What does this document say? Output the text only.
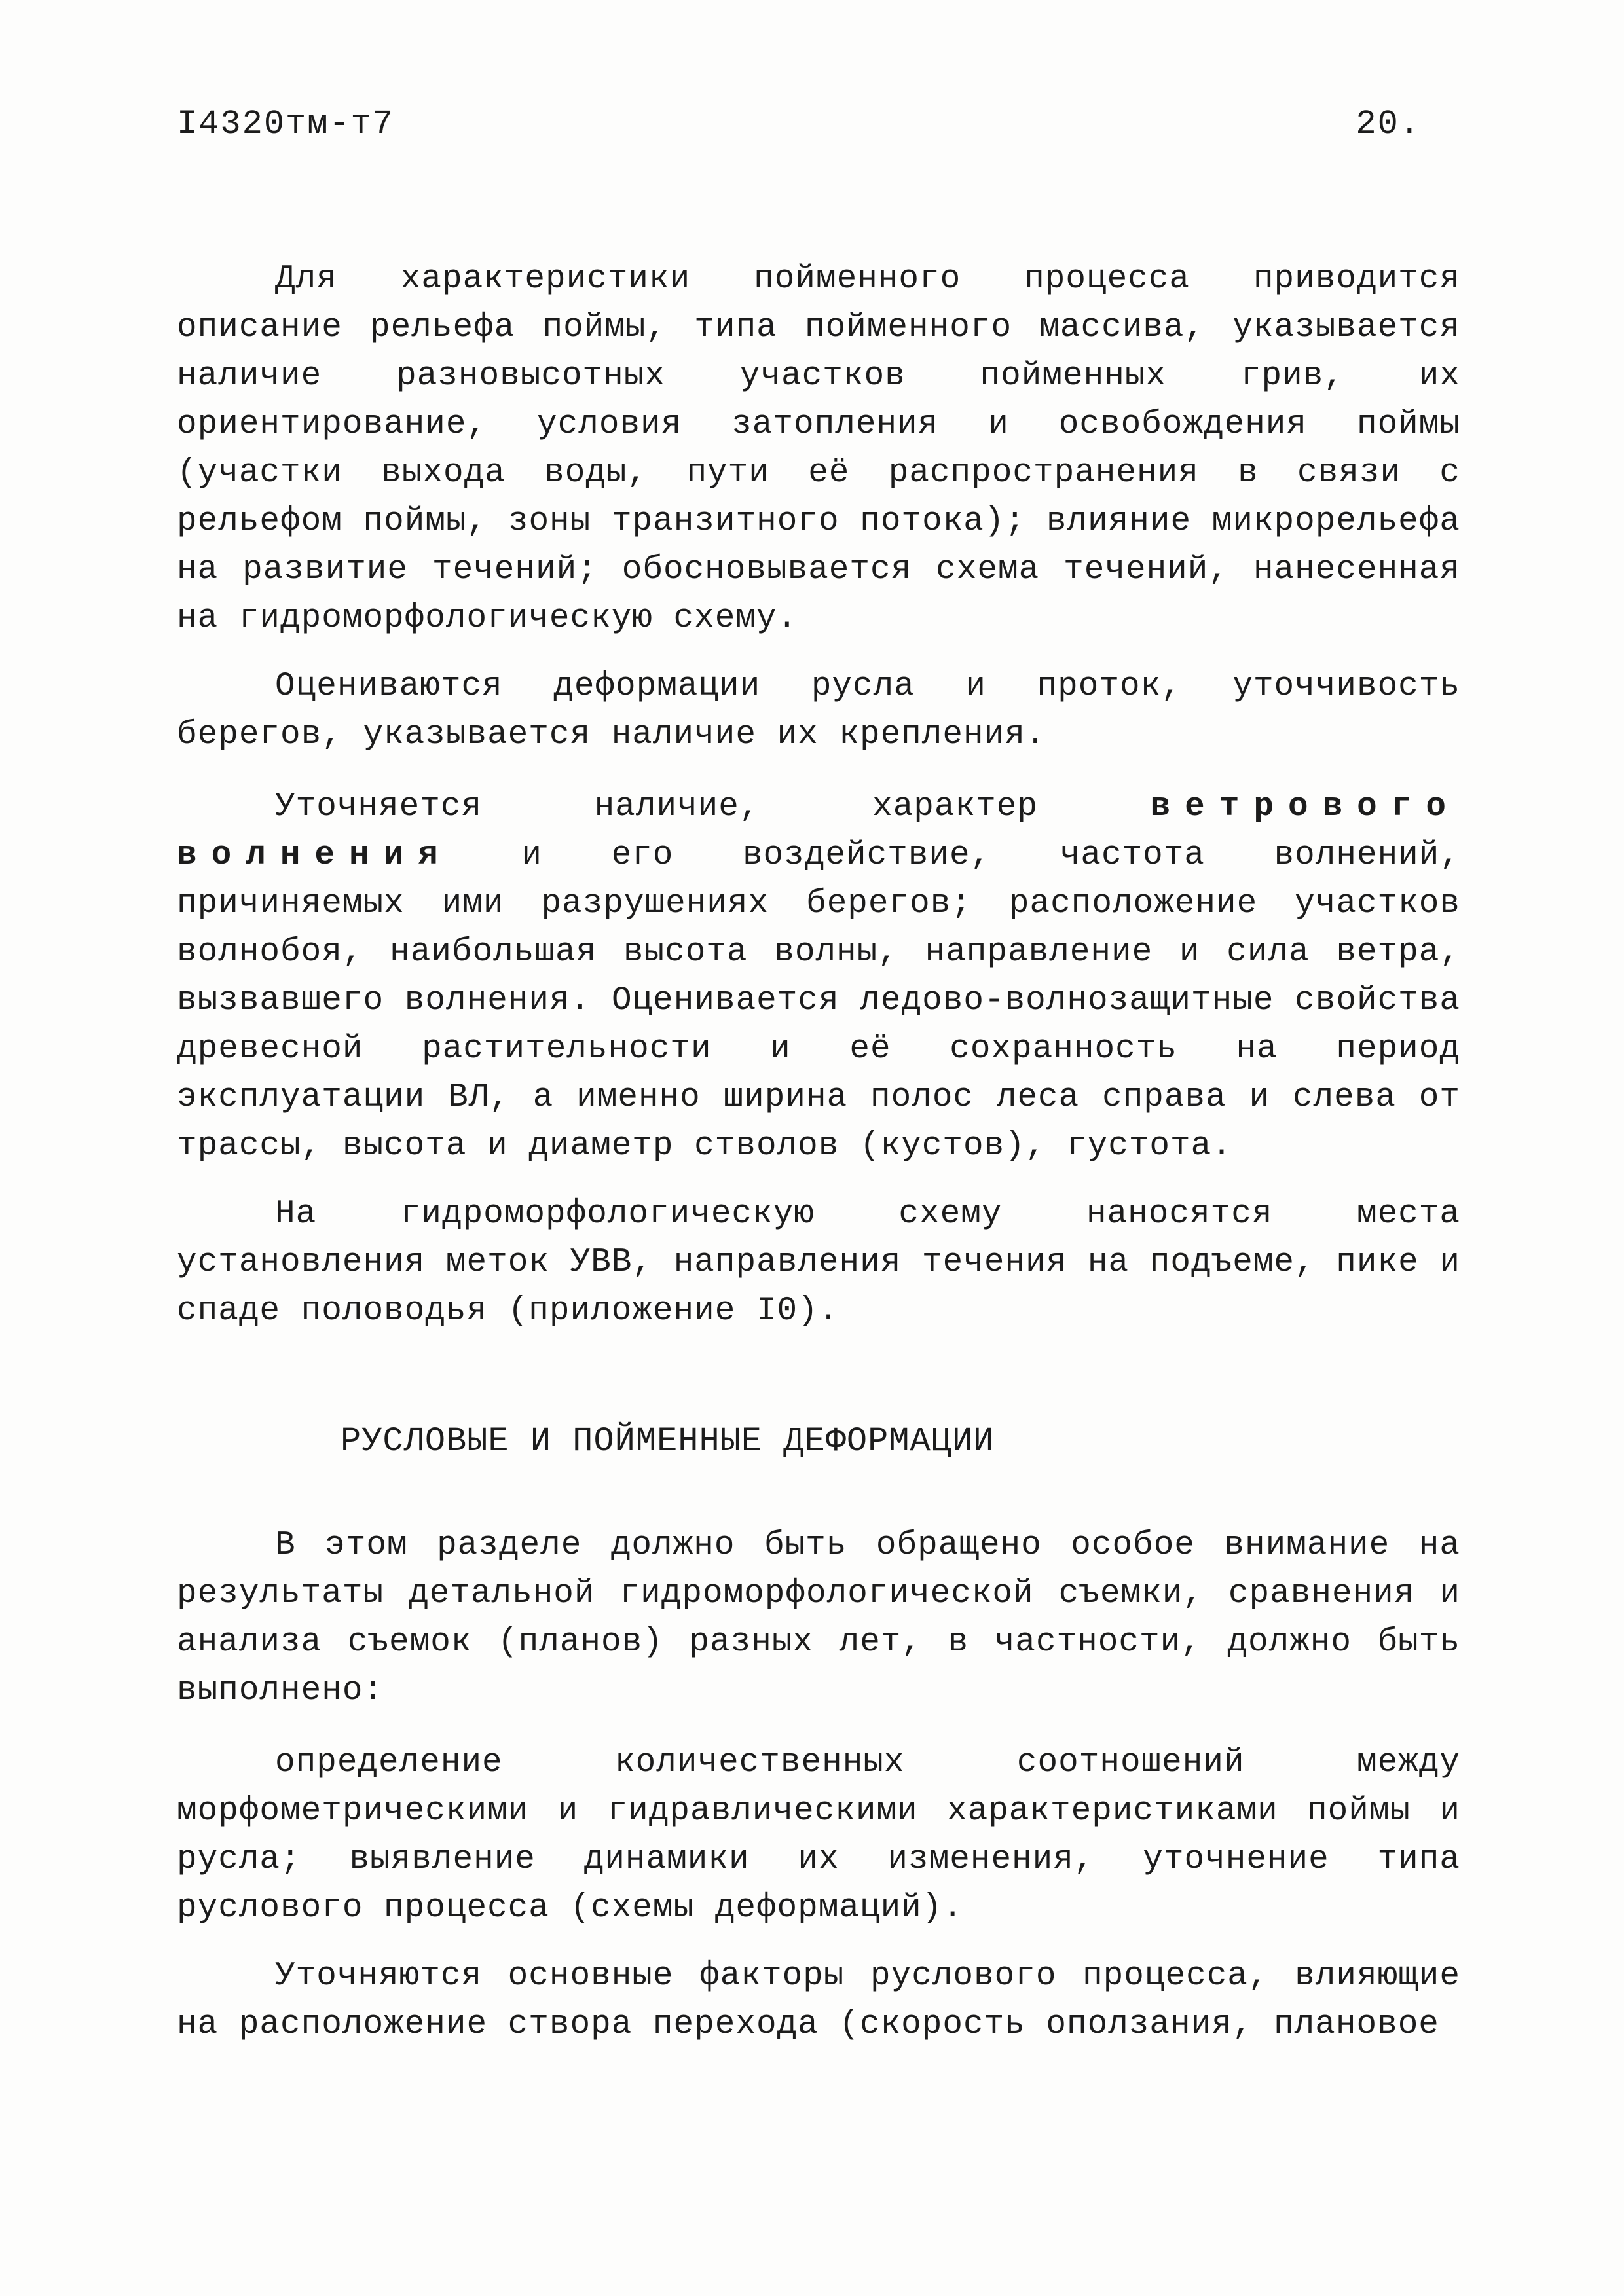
I4320тм-т7	20.

Для характеристики пойменного процесса приводится описание рельефа поймы, типа пойменного массива, указывается наличие разновысотных участков пойменных грив, их ориентирование, условия затопления и освобождения поймы (участки выхода воды, пути её распространения в связи с рельефом поймы, зоны транзитного потока); влияние микрорельефа на развитие течений; обосновывается схема течений, нанесенная на гидроморфологическую схему.

Оцениваются деформации русла и проток, уточчивость берегов, указывается наличие их крепления.

Уточняется наличие, характер	ветрового волнения и его воздействие, частота волнений, причиняемых ими разрушениях берегов; расположение участков волнобоя, наибольшая высота волны, направление и сила ветра, вызвавшего волнения. Оценивается ледово-волнозащитные свойства древесной растительности и её сохранность на период эксплуатации ВЛ, а именно ширина полос леса справа и слева от трассы, высота и диаметр стволов (кустов), густота.

На гидроморфологическую схему наносятся места установления меток УВВ, направления течения на подъеме, пике и спаде половодья (приложение I0).

РУСЛОВЫЕ И ПОЙМЕННЫЕ ДЕФОРМАЦИИ

В этом разделе должно быть обращено особое внимание на результаты детальной гидроморфологической съемки, сравнения и анализа съемок (планов) разных лет, в частности, должно быть выполнено:

определение количественных соотношений между морфометрическими и гидравлическими характеристиками поймы и русла; выявление динамики их изменения, уточнение типа руслового процесса (схемы деформаций).

Уточняются основные факторы руслового процесса, влияющие на расположение створа перехода (скорость оползания, плановое
